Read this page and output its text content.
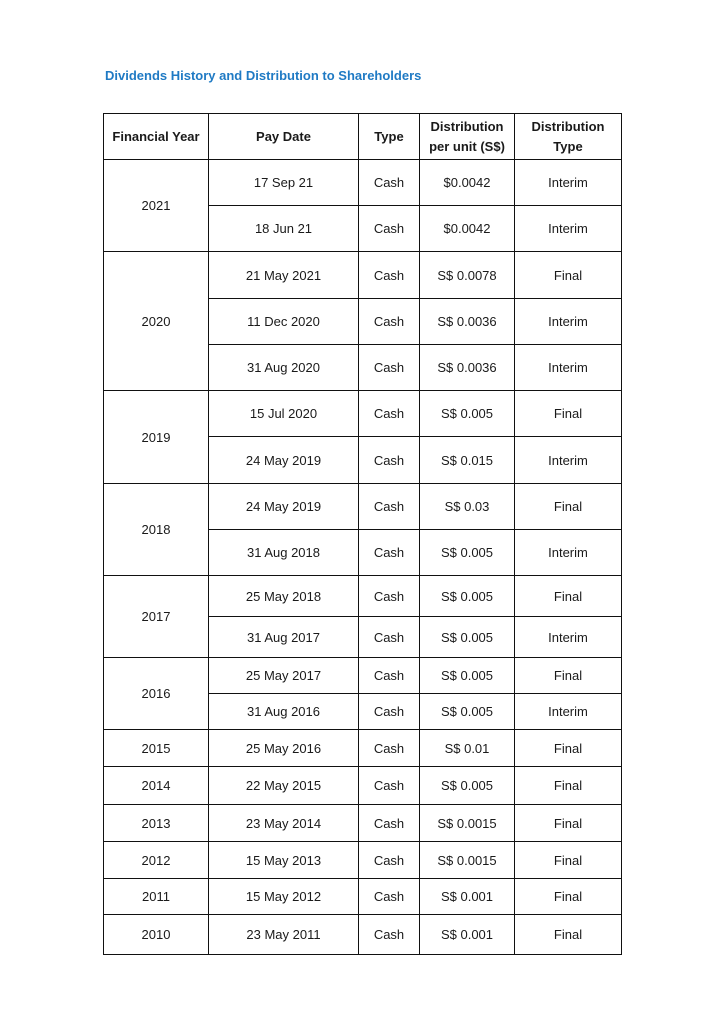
Dividends History and Distribution to Shareholders
Financial Year	Pay Date	Type	Distribution per unit (S$)	Distribution Type
2021	17 Sep 21	Cash	$0.0042	Interim
	18 Jun 21	Cash	$0.0042	Interim
2020	21 May 2021	Cash	S$ 0.0078	Final
	11 Dec 2020	Cash	S$ 0.0036	Interim
	31 Aug 2020	Cash	S$ 0.0036	Interim
2019	15 Jul 2020	Cash	S$ 0.005	Final
	24 May 2019	Cash	S$ 0.015	Interim
2018	24 May 2019	Cash	S$ 0.03	Final
	31 Aug 2018	Cash	S$ 0.005	Interim
2017	25 May 2018	Cash	S$ 0.005	Final
	31 Aug 2017	Cash	S$ 0.005	Interim
2016	25 May 2017	Cash	S$ 0.005	Final
	31 Aug 2016	Cash	S$ 0.005	Interim
2015	25 May 2016	Cash	S$ 0.01	Final
2014	22 May 2015	Cash	S$ 0.005	Final
2013	23 May 2014	Cash	S$ 0.0015	Final
2012	15 May 2013	Cash	S$ 0.0015	Final
2011	15 May 2012	Cash	S$ 0.001	Final
2010	23 May 2011	Cash	S$ 0.001	Final
